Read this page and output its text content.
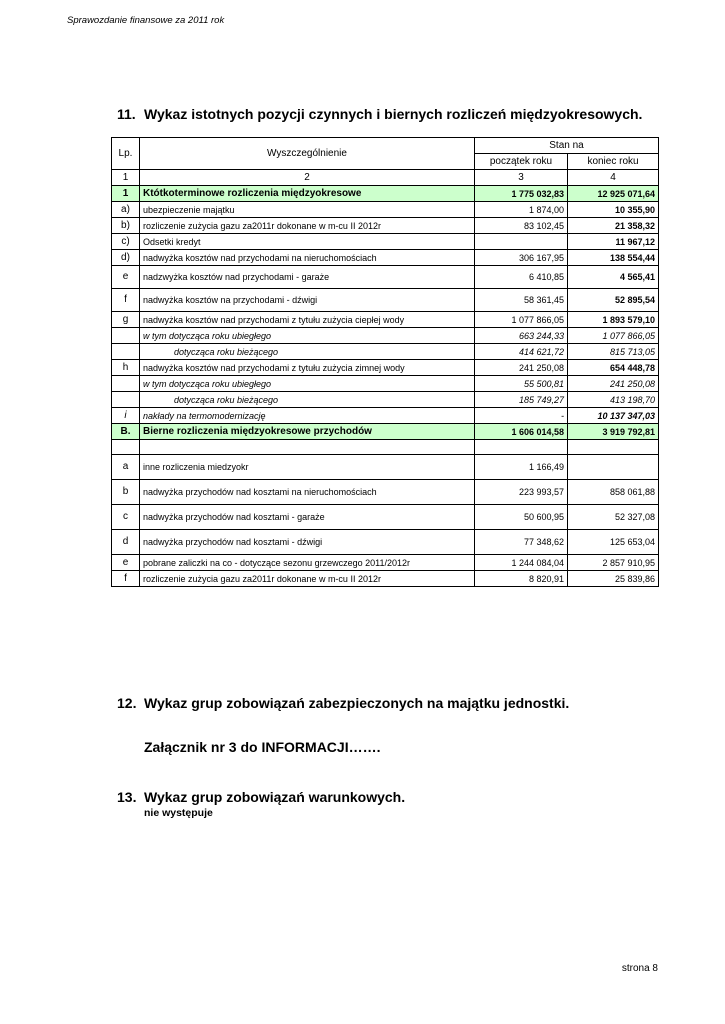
Sprawozdanie finansowe za 2011 rok
11. Wykaz istotnych pozycji czynnych i biernych rozliczeń międzyokresowych.
Lp.	Wyszczególnienie	Stan na	
		początek roku	koniec roku
1	2	3	4
1	Któtkoterminowe rozliczenia międzyokresowe	1 775 032,83	12 925 071,64
a)	ubezpieczenie majątku	1 874,00	10 355,90
b)	rozliczenie zużycia gazu za2011r dokonane w m-cu II 2012r	83 102,45	21 358,32
c)	Odsetki kredyt		11 967,12
d)	nadwyżka kosztów nad przychodami na nieruchomościach	306 167,95	138 554,44
e	nadzwyżka kosztów nad przychodami - garaże	6 410,85	4 565,41
f	nadwyżka kosztów na przychodami - dźwigi	58 361,45	52 895,54
g	nadwyżka kosztów nad przychodami z tytułu zużycia ciepłej wody	1 077 866,05	1 893 579,10
	w tym dotycząca roku ubiegłego	663 244,33	1 077 866,05
	dotycząca roku bieżącego	414 621,72	815 713,05
h	nadwyżka kosztów nad przychodami z tytułu zużycia zimnej wody	241 250,08	654 448,78
	w tym dotycząca roku ubiegłego	55 500,81	241 250,08
	dotycząca roku bieżącego	185 749,27	413 198,70
i	nakłady na termomodernizację	-	10 137 347,03
B.	Bierne rozliczenia międzyokresowe przychodów	1 606 014,58	3 919 792,81

a	inne rozliczenia miedzyokr	1 166,49	
b	nadwyżka przychodów nad kosztami na nieruchomościach	223 993,57	858 061,88
c	nadwyżka przychodów nad kosztami - garaże	50 600,95	52 327,08
d	nadwyżka przychodów nad kosztami - dźwigi	77 348,62	125 653,04
e	pobrane zaliczki na co - dotyczące sezonu grzewczego 2011/2012r	1 244 084,04	2 857 910,95
f	rozliczenie zużycia gazu za2011r dokonane w m-cu II 2012r	8 820,91	25 839,86
12. Wykaz grup zobowiązań zabezpieczonych na majątku jednostki.
Załącznik nr 3 do INFORMACJI…….
13. Wykaz grup zobowiązań warunkowych.
nie występuje
strona 8
